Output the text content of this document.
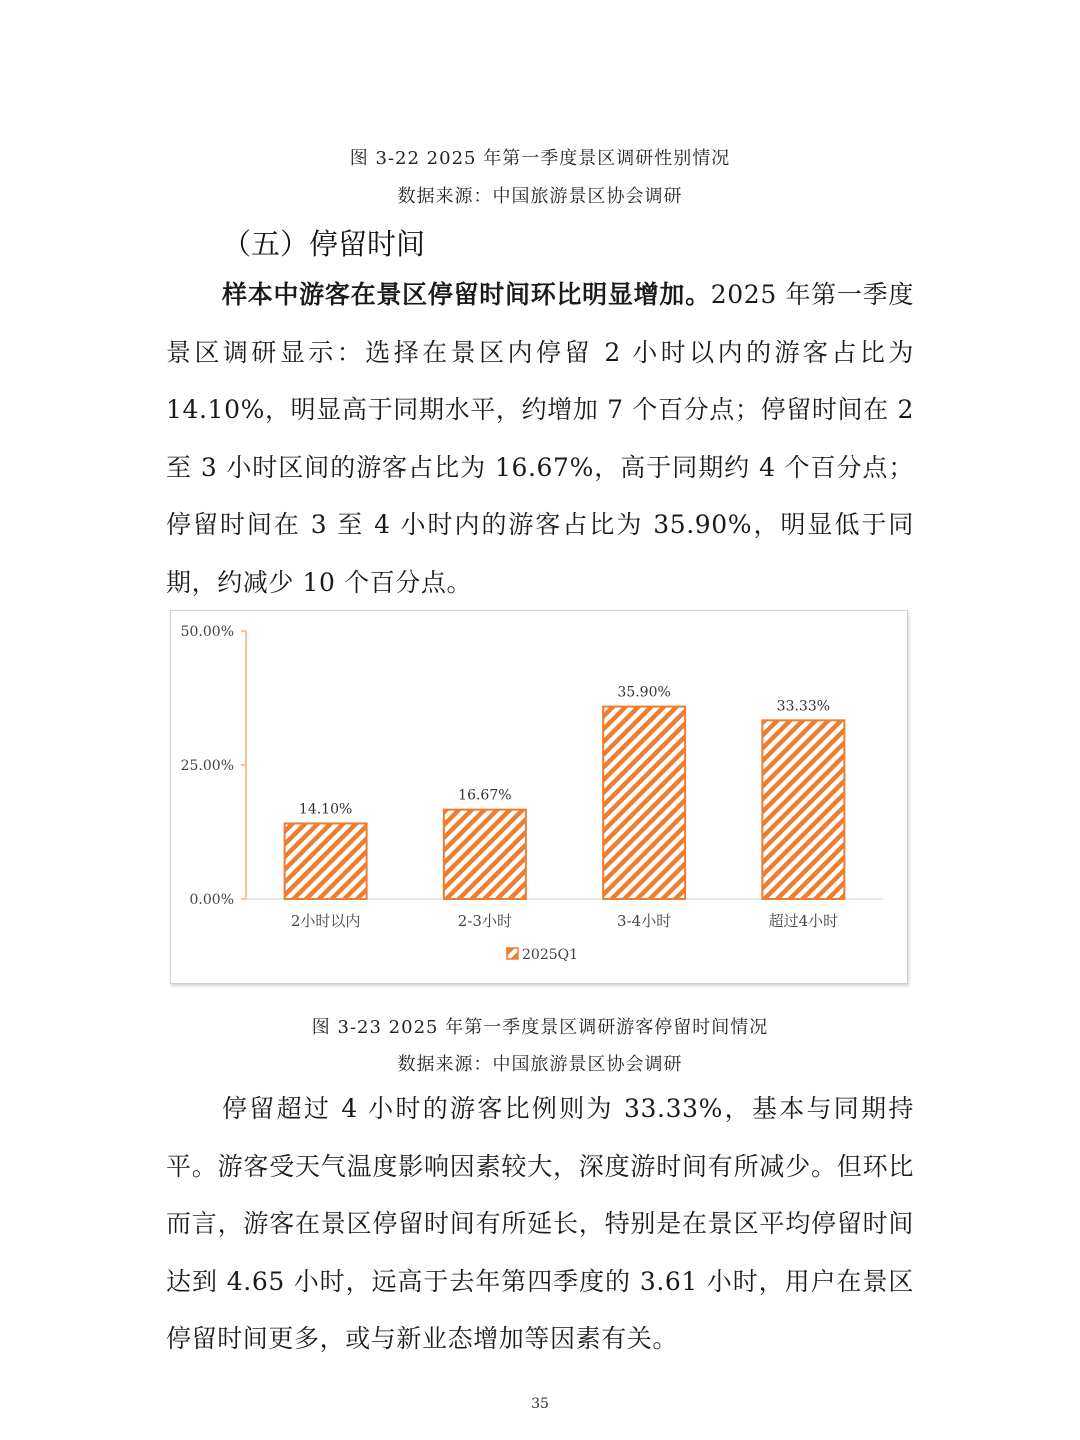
图 3-22 2025 年第一季度景区调研性别情况
数据来源：中国旅游景区协会调研
（五）停留时间

样本中游客在景区停留时间环比明显增加。2025 年第一季度景区调研显示：选择在景区内停留 2 小时以内的游客占比为 14.10%，明显高于同期水平，约增加 7 个百分点；停留时间在 2 至 3 小时区间的游客占比为 16.67%，高于同期约 4 个百分点；停留时间在 3 至 4 小时内的游客占比为 35.90%，明显低于同期，约减少 10 个百分点。

0.00%
25.00%
50.00%
14.10%
2小时以内
16.67%
2-3小时
35.90%
3-4小时
33.33%
超过4小时
2025Q1
图 3-23 2025 年第一季度景区调研游客停留时间情况
数据来源：中国旅游景区协会调研

停留超过 4 小时的游客比例则为 33.33%，基本与同期持平。游客受天气温度影响因素较大，深度游时间有所减少。但环比而言，游客在景区停留时间有所延长，特别是在景区平均停留时间达到 4.65 小时，远高于去年第四季度的 3.61 小时，用户在景区停留时间更多，或与新业态增加等因素有关。

35
